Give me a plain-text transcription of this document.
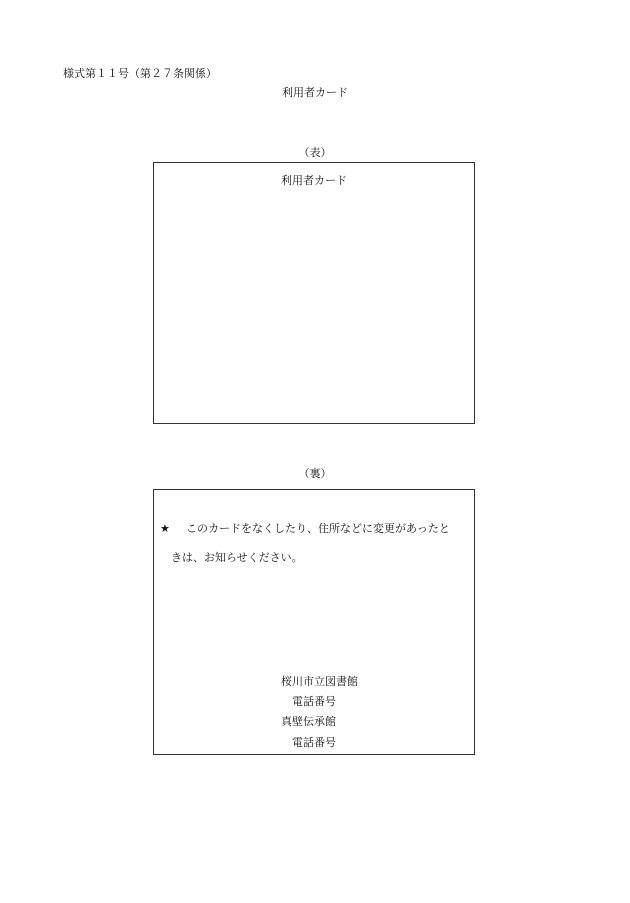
様式第１１号（第２７条関係）
利用者カード
（表）
利用者カード
（裏）
★ このカードをなくしたり、住所などに変更があったと
きは、お知らせください。
桜川市立図書館
電話番号
真壁伝承館
電話番号
